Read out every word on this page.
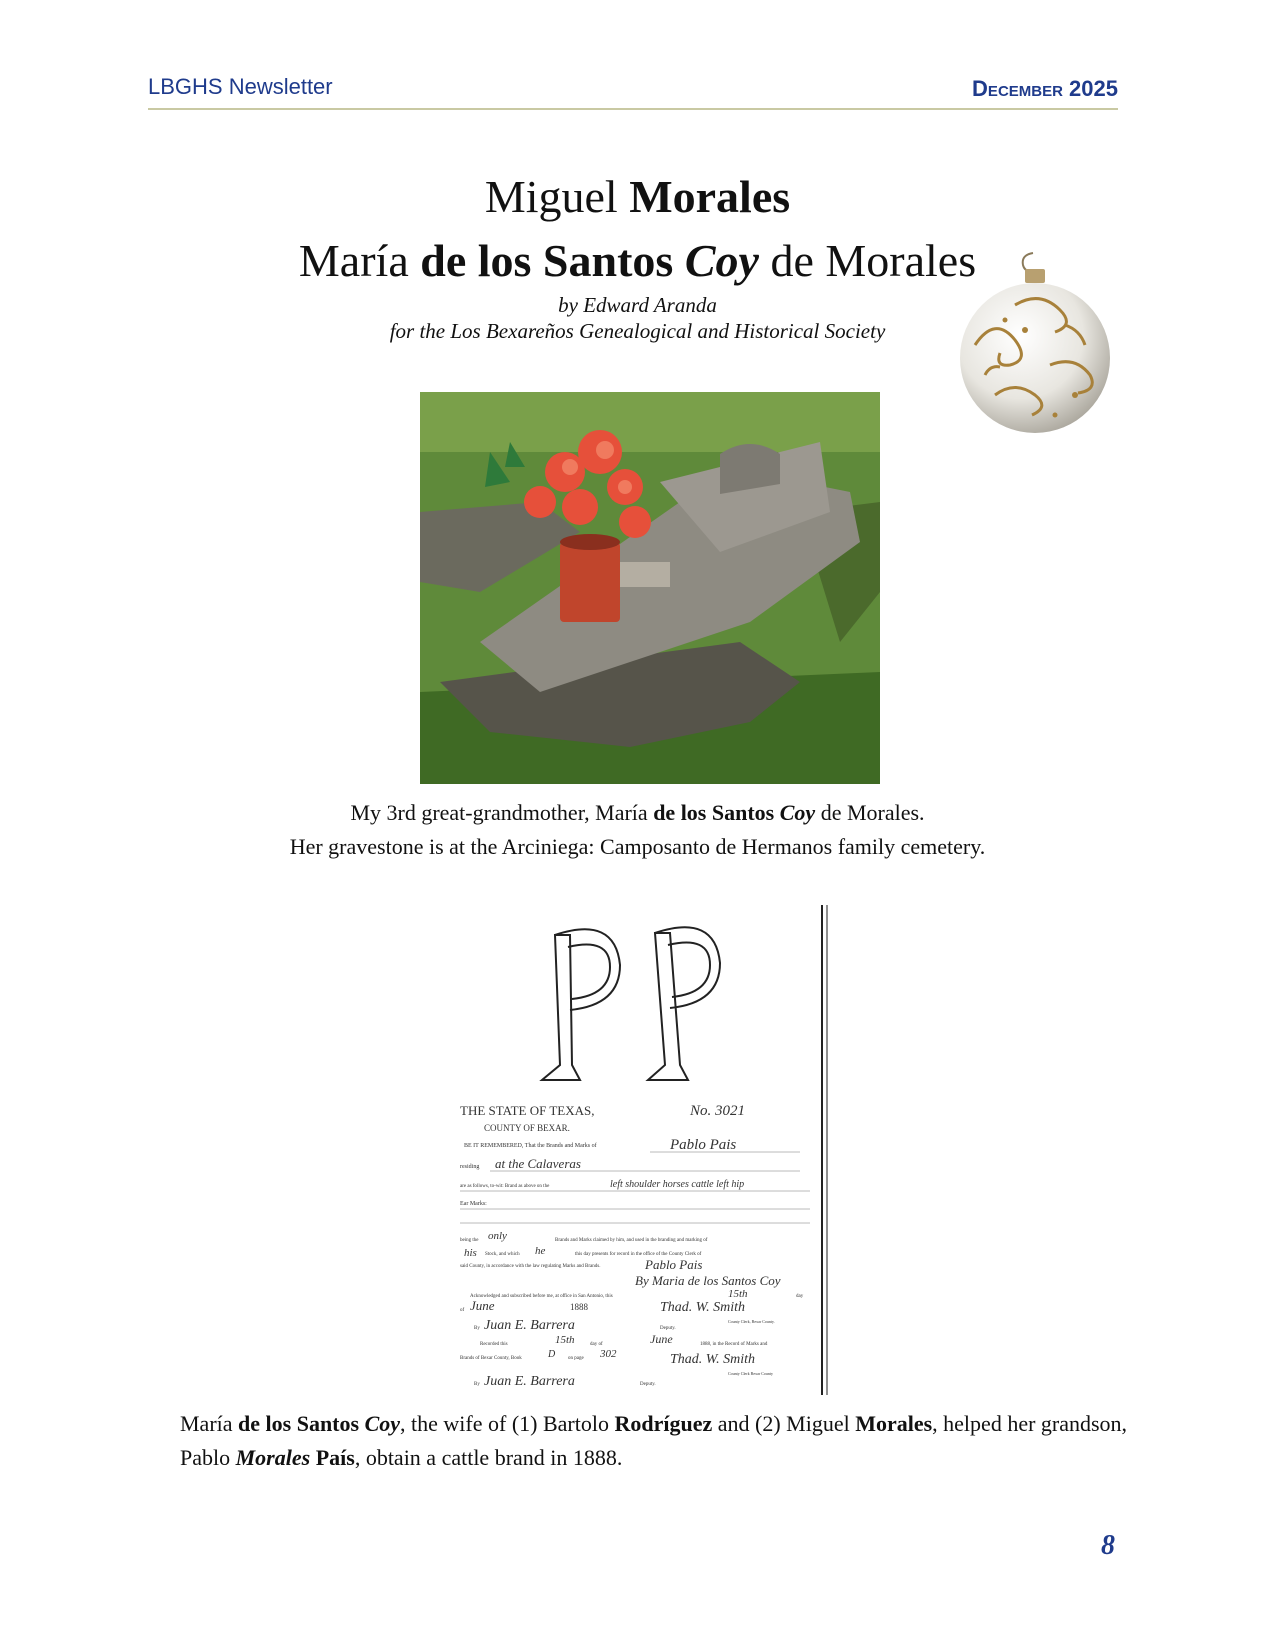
LBGHS Newsletter	December 2025
Miguel Morales
María de los Santos Coy de Morales
by Edward Aranda
for the Los Bexareños Genealogical and Historical Society
My 3rd great-grandmother, María de los Santos Coy de Morales.
Her gravestone is at the Arciniega: Camposanto de Hermanos family cemetery.
THE STATE OF TEXAS,
COUNTY OF BEXAR.
No. 3021
BE IT REMEMBERED, That the Brands and Marks of	Pablo Pais
residing at the Calaveras
are as follows, to-wit: Brand as above on the	left shoulder horses cattle left hip
Ear Marks:
being the only	Brands and Marks claimed by him, and used in the branding and marking of
his Stock, and which he	this day presents for record in the office of the County Clerk of
said County, in accordance with the law regulating Marks and Brands.	Pablo Pais
By Maria de los Santos Coy
Acknowledged and subscribed before me, at office in San Antonio, this	15th	day
of June	1888	Thad. W. Smith
By Juan E. Barrera	Deputy.
County Clerk, Bexar County.
Recorded this	15th	day of	June	1888, in the Record of Marks and
Brands of Bexar County, Book	D	on page 302	Thad. W. Smith
County Clerk Bexar County
By Juan E. Barrera	Deputy.
María de los Santos Coy, the wife of (1) Bartolo Rodríguez and (2) Miguel Morales, helped her grandson, Pablo Morales País, obtain a cattle brand in 1888.
8
